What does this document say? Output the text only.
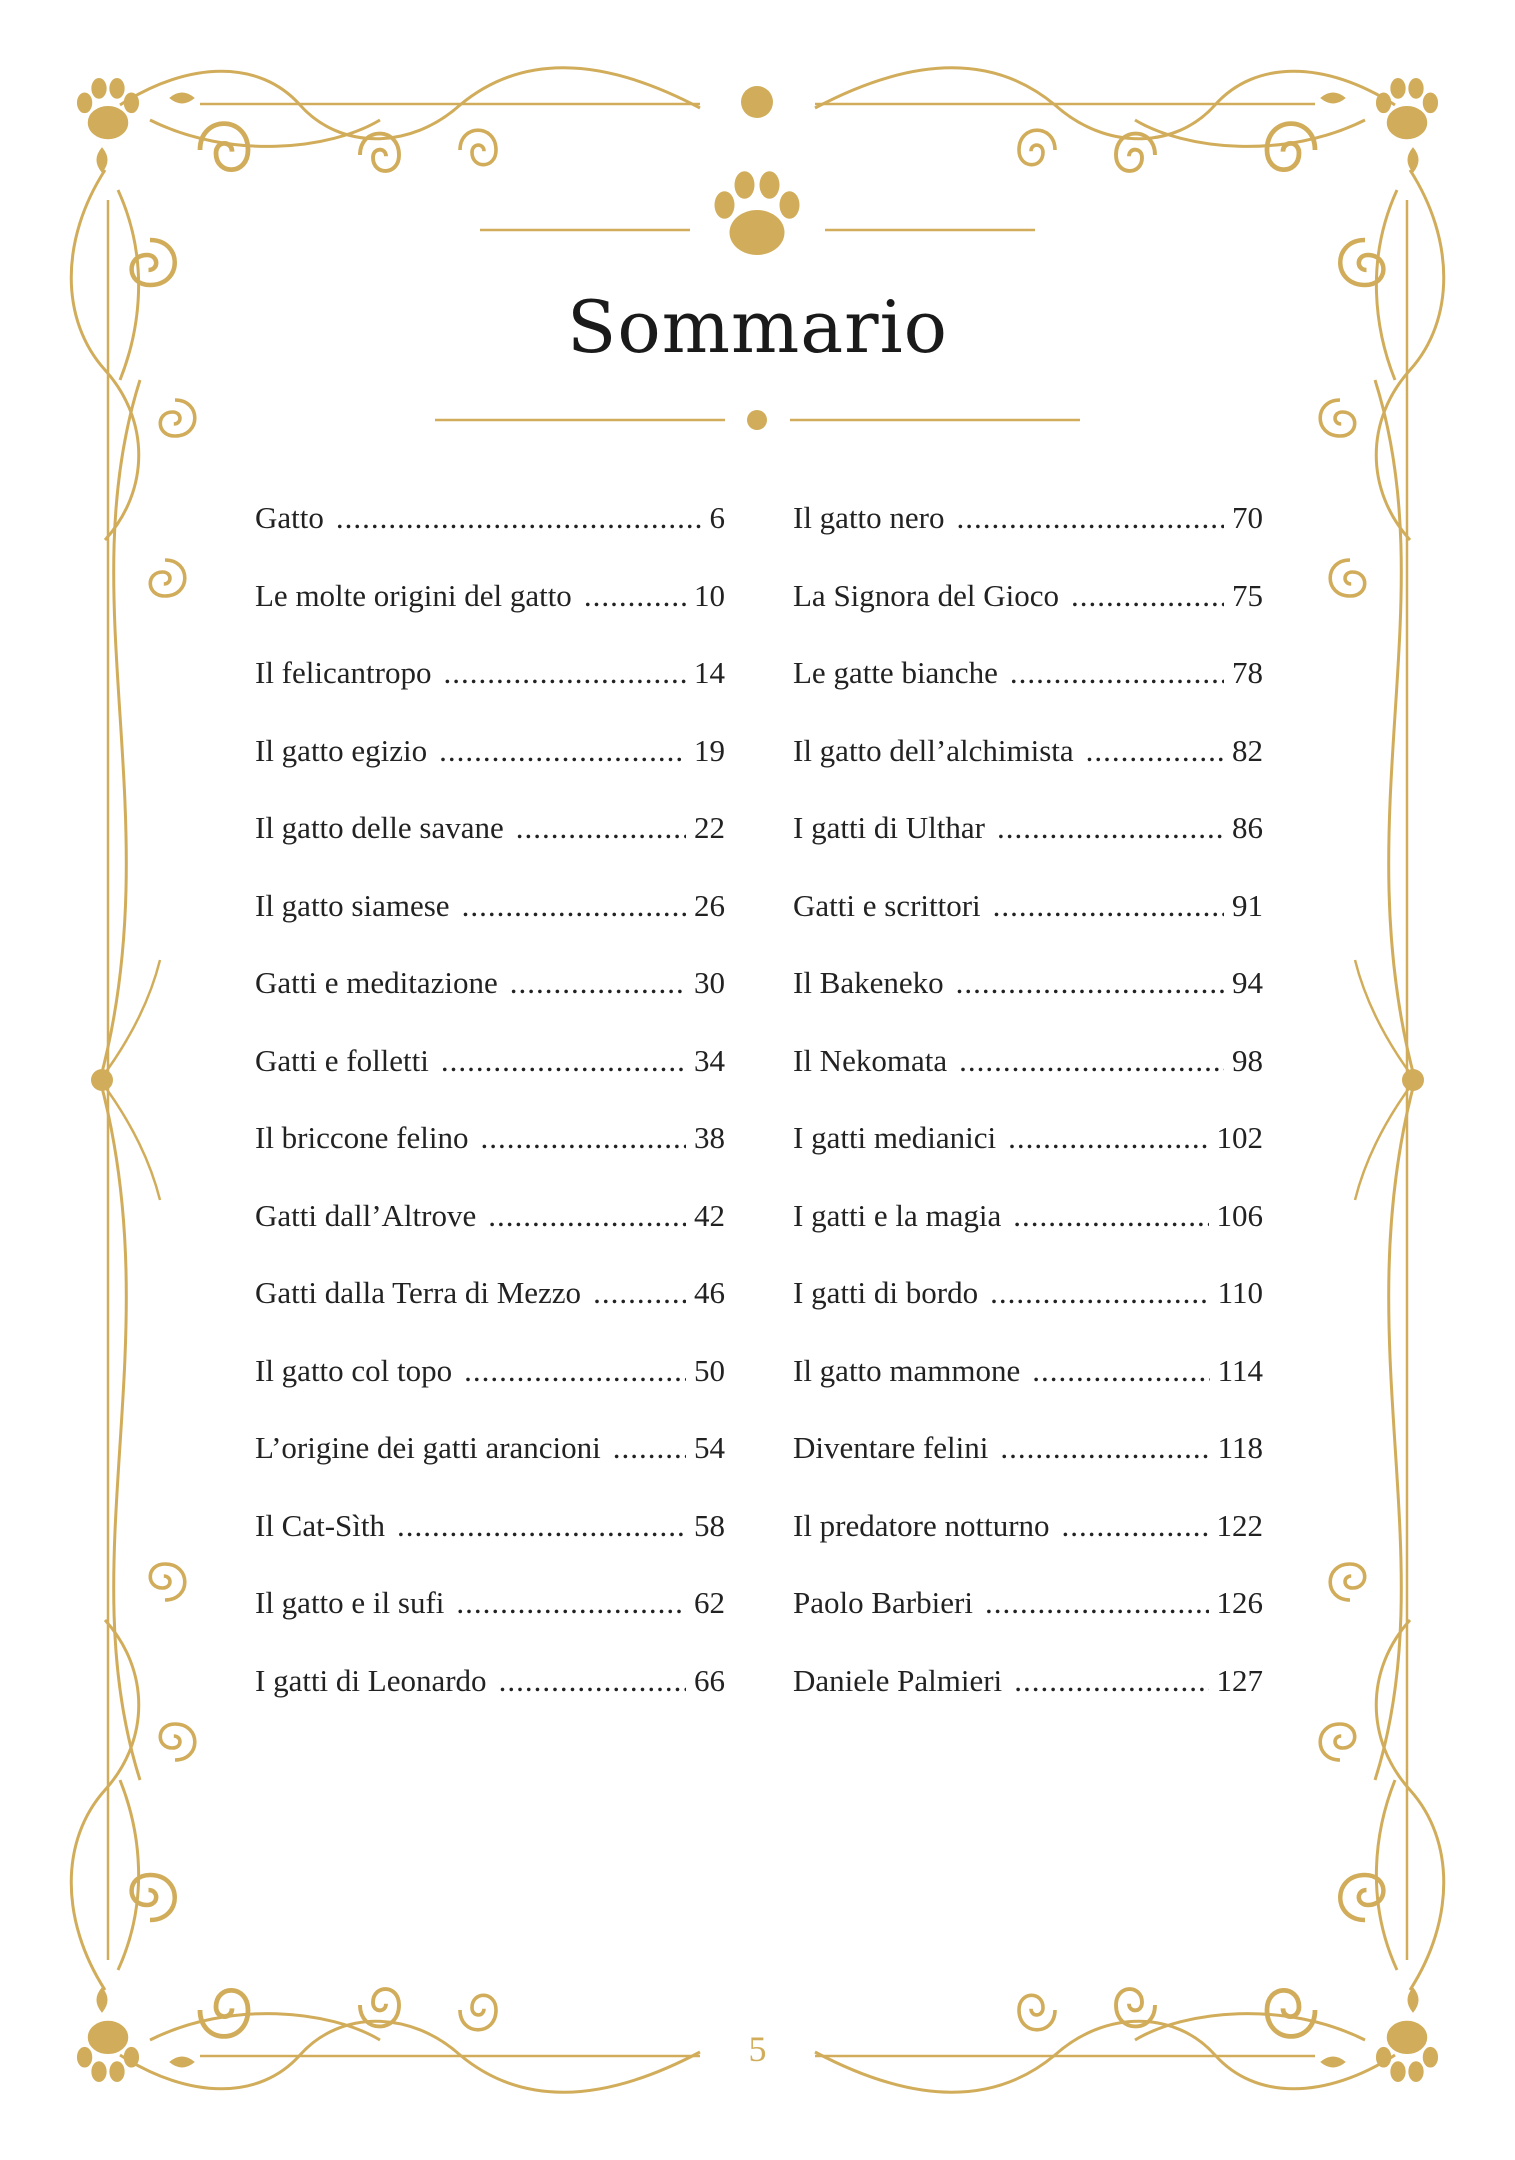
Sommario
Gatto .....	6
Le molte origini del gatto .....	10
Il felicantropo .....	14
Il gatto egizio .....	19
Il gatto delle savane .....	22
Il gatto siamese .....	26
Gatti e meditazione .....	30
Gatti e folletti .....	34
Il briccone felino .....	38
Gatti dall’Altrove .....	42
Gatti dalla Terra di Mezzo .....	46
Il gatto col topo .....	50
L’origine dei gatti arancioni .....	54
Il Cat-Sìth .....	58
Il gatto e il sufi .....	62
I gatti di Leonardo .....	66
Il gatto nero .....	70
La Signora del Gioco .....	75
Le gatte bianche .....	78
Il gatto dell’alchimista .....	82
I gatti di Ulthar .....	86
Gatti e scrittori .....	91
Il Bakeneko .....	94
Il Nekomata .....	98
I gatti medianici .....	102
I gatti e la magia .....	106
I gatti di bordo .....	110
Il gatto mammone .....	114
Diventare felini .....	118
Il predatore notturno .....	122
Paolo Barbieri .....	126
Daniele Palmieri .....	127
5
